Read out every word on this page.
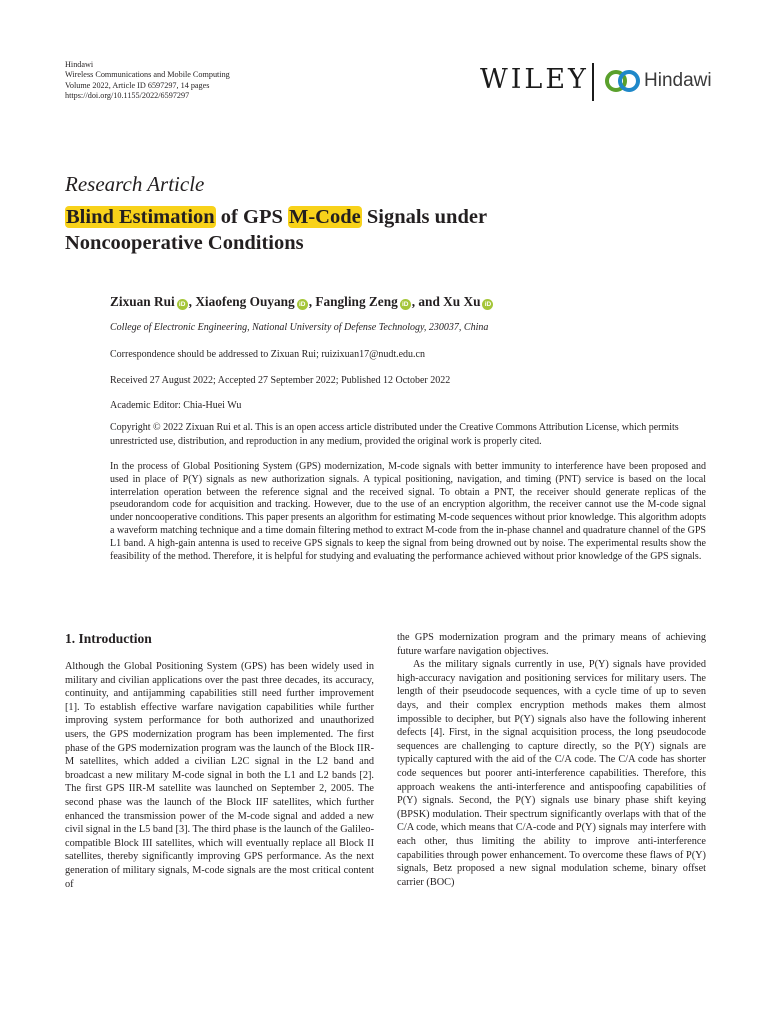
Hindawi
Wireless Communications and Mobile Computing
Volume 2022, Article ID 6597297, 14 pages
https://doi.org/10.1155/2022/6597297
WILEY	Hindawi
Research Article
Blind Estimation of GPS M-Code Signals under
Noncooperative Conditions
Zixuan Rui iD , Xiaofeng Ouyang iD , Fangling Zeng iD , and Xu Xu iD
College of Electronic Engineering, National University of Defense Technology, 230037, China
Correspondence should be addressed to Zixuan Rui; ruizixuan17@nudt.edu.cn
Received 27 August 2022; Accepted 27 September 2022; Published 12 October 2022
Academic Editor: Chia-Huei Wu
Copyright © 2022 Zixuan Rui et al. This is an open access article distributed under the Creative Commons Attribution License, which permits unrestricted use, distribution, and reproduction in any medium, provided the original work is properly cited.
In the process of Global Positioning System (GPS) modernization, M-code signals with better immunity to interference have been proposed and used in place of P(Y) signals as new authorization signals. A typical positioning, navigation, and timing (PNT) service is based on the local interrelation operation between the reference signal and the received signal. To obtain a PNT, the receiver should generate replicas of the pseudorandom code for acquisition and tracking. However, due to the use of an encryption algorithm, the receiver cannot use the M-code signal under noncooperative conditions. This paper presents an algorithm for estimating M-code sequences without prior knowledge. This algorithm adopts a waveform matching technique and a time domain filtering method to extract M-code from the in-phase channel and quadrature channel of the GPS L1 band. A high-gain antenna is used to receive GPS signals to keep the signal from being drowned out by noise. The experimental results show the feasibility of the method. Therefore, it is helpful for studying and evaluating the performance achieved without prior knowledge of the GPS signals.
1. Introduction

Although the Global Positioning System (GPS) has been widely used in military and civilian applications over the past three decades, its accuracy, continuity, and antijamming capabilities still need further improvement [1]. To establish effective warfare navigation capabilities while further improving system performance for both authorized and unauthorized users, the GPS modernization program has been implemented. The first phase of the GPS modernization program was the launch of the Block IIR-M satellites, which added a civilian L2C signal in the L2 band and broadcast a new military M-code signal in both the L1 and L2 bands [2]. The first GPS IIR-M satellite was launched on September 2, 2005. The second phase was the launch of the Block IIF satellites, which further enhanced the transmission power of the M-code signal and added a new civil signal in the L5 band [3]. The third phase is the launch of the Galileo-compatible Block III satellites, which will eventually replace all Block II satellites, thereby significantly improving GPS performance. As the next generation of military signals, M-code signals are the most critical content of

the GPS modernization program and the primary means of achieving future warfare navigation objectives.

As the military signals currently in use, P(Y) signals have provided high-accuracy navigation and positioning services for military users. The length of their pseudocode sequences, with a cycle time of up to seven days, and their complex encryption methods makes them almost impossible to decipher, but P(Y) signals also have the following inherent defects [4]. First, in the signal acquisition process, the long pseudocode sequences are challenging to capture directly, so the P(Y) signals are typically captured with the aid of the C/A code. The C/A code has shorter code sequences but poorer anti-interference capabilities. Therefore, this approach weakens the anti-interference and antispoofing capabilities of P(Y) signals. Second, the P(Y) signals use binary phase shift keying (BPSK) modulation. Their spectrum significantly overlaps with that of the C/A code, which means that C/A-code and P(Y) signals may interfere with each other, thus limiting the ability to improve anti-interference capabilities through power enhancement. To overcome these flaws of P(Y) signals, Betz proposed a new signal modulation scheme, binary offset carrier (BOC)
